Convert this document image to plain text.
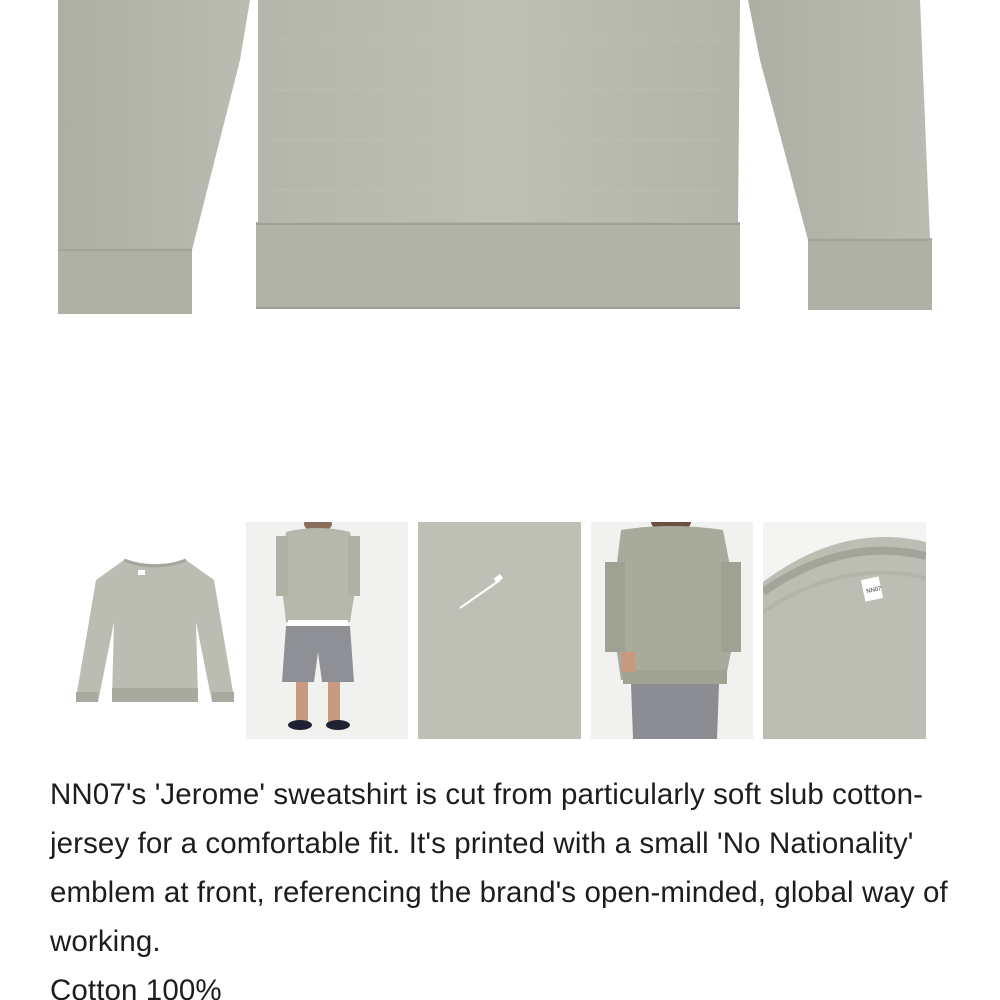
NN07

NN07's 'Jerome' sweatshirt is cut from particularly soft slub cotton-jersey for a comfortable fit. It's printed with a small 'No Nationality' emblem at front, referencing the brand's open-minded, global way of working.

Cotton 100%
